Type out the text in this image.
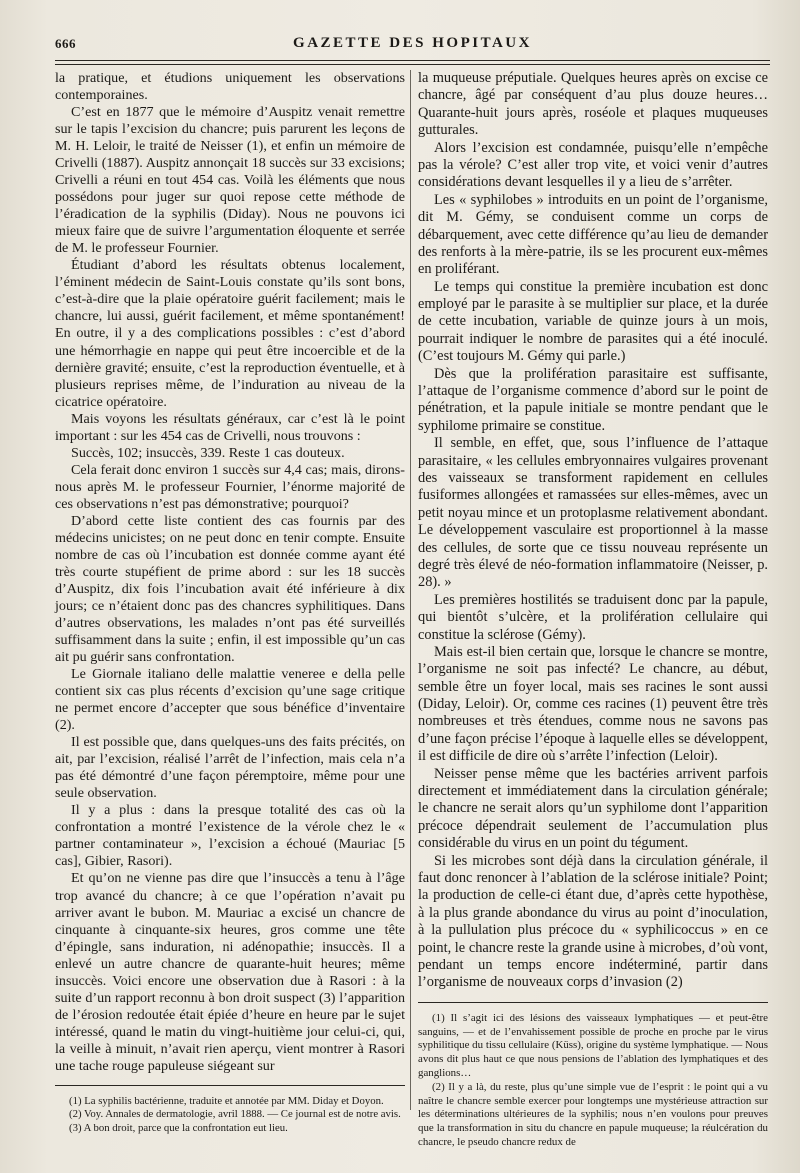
666	GAZETTE DES HOPITAUX

la pratique, et étudions uniquement les observations contemporaines.

C’est en 1877 que le mémoire d’Auspitz venait remettre sur le tapis l’excision du chancre; puis parurent les leçons de M. H. Leloir, le traité de Neisser (1), et enfin un mémoire de Crivelli (1887). Auspitz annonçait 18 succès sur 33 excisions; Crivelli a réuni en tout 454 cas. Voilà les éléments que nous possédons pour juger sur quoi repose cette méthode de l’éradication de la syphilis (Diday). Nous ne pouvons ici mieux faire que de suivre l’argumentation éloquente et serrée de M. le professeur Fournier.

Étudiant d’abord les résultats obtenus localement, l’éminent médecin de Saint-Louis constate qu’ils sont bons, c’est-à-dire que la plaie opératoire guérit facilement; mais le chancre, lui aussi, guérit facilement, et même spontanément! En outre, il y a des complications possibles : c’est d’abord une hémorrhagie en nappe qui peut être incoercible et de la dernière gravité; ensuite, c’est la reproduction éventuelle, et à plusieurs reprises même, de l’induration au niveau de la cicatrice opératoire.

Mais voyons les résultats généraux, car c’est là le point important : sur les 454 cas de Crivelli, nous trouvons :

Succès, 102; insuccès, 339. Reste 1 cas douteux.

Cela ferait donc environ 1 succès sur 4,4 cas; mais, dirons-nous après M. le professeur Fournier, l’énorme majorité de ces observations n’est pas démonstrative; pourquoi?

D’abord cette liste contient des cas fournis par des médecins unicistes; on ne peut donc en tenir compte. Ensuite nombre de cas où l’incubation est donnée comme ayant été très courte stupéfient de prime abord : sur les 18 succès d’Auspitz, dix fois l’incubation avait été inférieure à dix jours; ce n’étaient donc pas des chancres syphilitiques. Dans d’autres observations, les malades n’ont pas été surveillés suffisamment dans la suite ; enfin, il est impossible qu’un cas ait pu guérir sans confrontation.

Le Giornale italiano delle malattie veneree e della pelle contient six cas plus récents d’excision qu’une sage critique ne permet encore d’accepter que sous bénéfice d’inventaire (2).

Il est possible que, dans quelques-uns des faits précités, on ait, par l’excision, réalisé l’arrêt de l’infection, mais cela n’a pas été démontré d’une façon péremptoire, même pour une seule observation.

Il y a plus : dans la presque totalité des cas où la confrontation a montré l’existence de la vérole chez le « partner contaminateur », l’excision a échoué (Mauriac [5 cas], Gibier, Rasori).

Et qu’on ne vienne pas dire que l’insuccès a tenu à l’âge trop avancé du chancre; à ce que l’opération n’avait pu arriver avant le bubon. M. Mauriac a excisé un chancre de cinquante à cinquante-six heures, gros comme une tête d’épingle, sans induration, ni adénopathie; insuccès. Il a enlevé un autre chancre de quarante-huit heures; même insuccès. Voici encore une observation due à Rasori : à la suite d’un rapport reconnu à bon droit suspect (3) l’apparition de l’érosion redoutée était épiée d’heure en heure par le sujet intéressé, quand le matin du vingt-huitième jour celui-ci, qui, la veille à minuit, n’avait rien aperçu, vient montrer à Rasori une tache rouge papuleuse siégeant sur

(1) La syphilis bactérienne, traduite et annotée par MM. Diday et Doyon.

(2) Voy. Annales de dermatologie, avril 1888. — Ce journal est de notre avis.

(3) A bon droit, parce que la confrontation eut lieu.

la muqueuse préputiale. Quelques heures après on excise ce chancre, âgé par conséquent d’au plus douze heures… Quarante-huit jours après, roséole et plaques muqueuses gutturales.

Alors l’excision est condamnée, puisqu’elle n’empêche pas la vérole? C’est aller trop vite, et voici venir d’autres considérations devant lesquelles il y a lieu de s’arrêter.

Les « syphilobes » introduits en un point de l’organisme, dit M. Gémy, se conduisent comme un corps de débarquement, avec cette différence qu’au lieu de demander des renforts à la mère-patrie, ils se les procurent eux-mêmes en proliférant.

Le temps qui constitue la première incubation est donc employé par le parasite à se multiplier sur place, et la durée de cette incubation, variable de quinze jours à un mois, pourrait indiquer le nombre de parasites qui a été inoculé. (C’est toujours M. Gémy qui parle.)

Dès que la prolifération parasitaire est suffisante, l’attaque de l’organisme commence d’abord sur le point de pénétration, et la papule initiale se montre pendant que le syphilome primaire se constitue.

Il semble, en effet, que, sous l’influence de l’attaque parasitaire, « les cellules embryonnaires vulgaires provenant des vaisseaux se transforment rapidement en cellules fusiformes allongées et ramassées sur elles-mêmes, avec un petit noyau mince et un protoplasme relativement abondant. Le développement vasculaire est proportionnel à la masse des cellules, de sorte que ce tissu nouveau représente un degré très élevé de néo-formation inflammatoire (Neisser, p. 28). »

Les premières hostilités se traduisent donc par la papule, qui bientôt s’ulcère, et la prolifération cellulaire qui constitue la sclérose (Gémy).

Mais est-il bien certain que, lorsque le chancre se montre, l’organisme ne soit pas infecté? Le chancre, au début, semble être un foyer local, mais ses racines le sont aussi (Diday, Leloir). Or, comme ces racines (1) peuvent être très nombreuses et très étendues, comme nous ne savons pas d’une façon précise l’époque à laquelle elles se développent, il est difficile de dire où s’arrête l’infection (Leloir).

Neisser pense même que les bactéries arrivent parfois directement et immédiatement dans la circulation générale; le chancre ne serait alors qu’un syphilome dont l’apparition précoce dépendrait seulement de l’accumulation plus considérable du virus en un point du tégument.

Si les microbes sont déjà dans la circulation générale, il faut donc renoncer à l’ablation de la sclérose initiale? Point; la production de celle-ci étant due, d’après cette hypothèse, à la plus grande abondance du virus au point d’inoculation, à la pullulation plus précoce du « syphilicoccus » en ce point, le chancre reste la grande usine à microbes, d’où vont, pendant un temps encore indéterminé, partir dans l’organisme de nouveaux corps d’invasion (2)

(1) Il s’agit ici des lésions des vaisseaux lymphatiques — et peut-être sanguins, — et de l’envahissement possible de proche en proche par le virus syphilitique du tissu cellulaire (Küss), origine du système lymphatique. — Nous avons dit plus haut ce que nous pensions de l’ablation des lymphatiques et des ganglions…

(2) Il y a là, du reste, plus qu’une simple vue de l’esprit : le point qui a vu naître le chancre semble exercer pour longtemps une mystérieuse attraction sur les déterminations ultérieures de la syphilis; nous n’en voulons pour preuves que la transformation in situ du chancre en papule muqueuse; la réulcération du chancre, le pseudo chancre redux de
